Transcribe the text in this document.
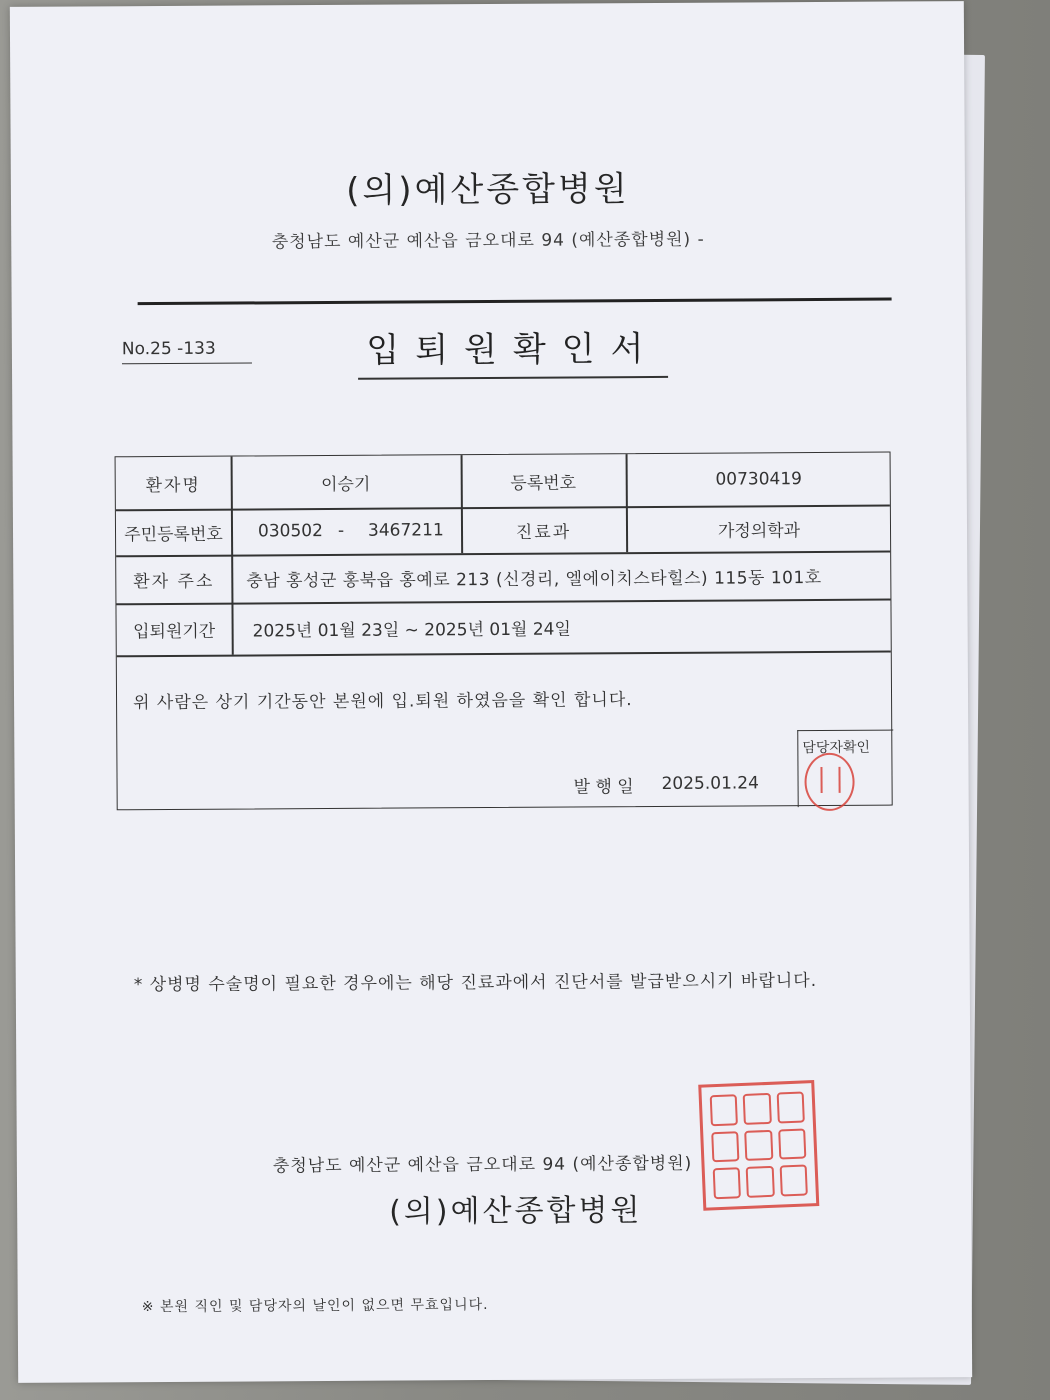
(의)예산종합병원
충청남도 예산군 예산읍 금오대로 94 (예산종합병원) -
No.25 -133	입퇴원확인서
환자명	이승기	등록번호	00730419
주민등록번호	030502 -	3467211	진료과	가정의학과
환자 주소	충남 홍성군 홍북읍 홍예로 213 (신경리, 엘에이치스타힐스) 115동 101호
입퇴원기간	2025년 01월 23일 ~ 2025년 01월 24일
위 사람은 상기 기간동안 본원에 입.퇴원 하였음을 확인 합니다.
발 행 일	2025.01.24
담당자확인
* 상병명 수술명이 필요한 경우에는 해당 진료과에서 진단서를 발급받으시기 바랍니다.
충청남도 예산군 예산읍 금오대로 94 (예산종합병원)
(의)예산종합병원
※ 본원 직인 및 담당자의 날인이 없으면 무효입니다.
